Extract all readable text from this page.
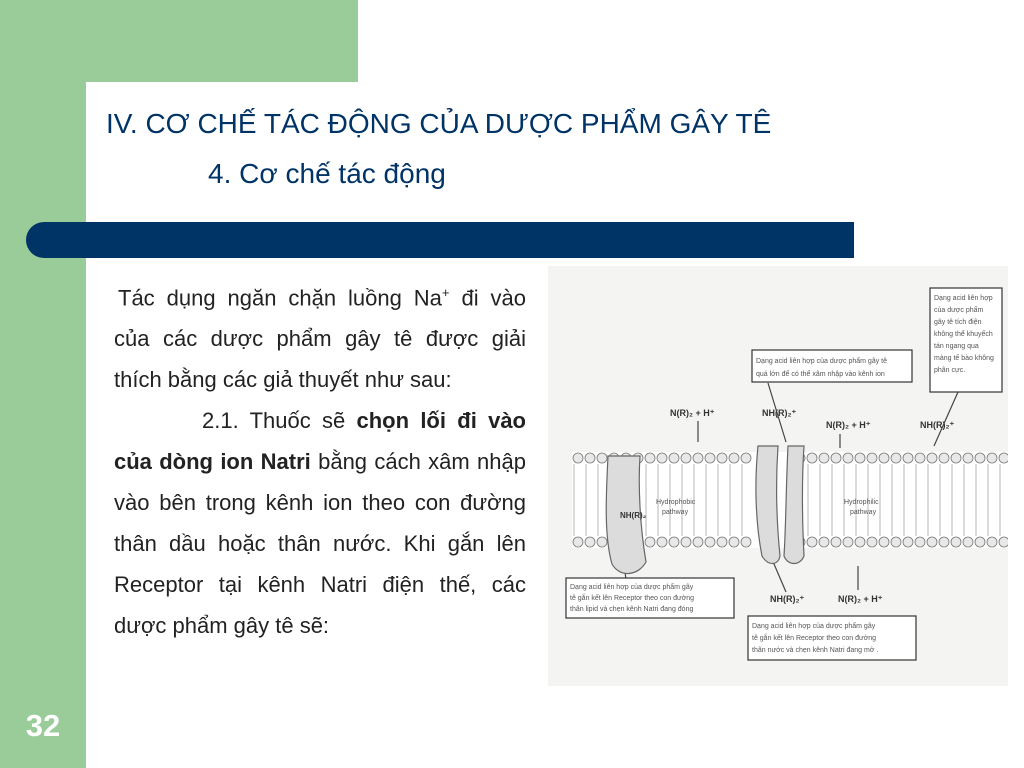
32
IV. CƠ CHẾ TÁC ĐỘNG CỦA DƯỢC PHẨM GÂY TÊ
4. Cơ chế tác động

Tác dụng ngăn chặn luồng Na+ đi vào của các dược phẩm gây tê được giải thích bằng các giả thuyết như sau:

2.1. Thuốc sẽ chọn lối đi vào của dòng ion Natri bằng cách xâm nhập vào bên trong kênh ion theo con đường thân dầu hoặc thân nước. Khi gắn lên Receptor tại kênh Natri điện thế, các dược phẩm gây tê sẽ:

Dạng acid liên hợp của dược phẩm gây tê tích điện không thể khuyếch tán ngang qua màng tế bào không phân cực.
Dạng acid liên hợp của dược phẩm gây tê quá lớn để có thể xâm nhập vào kênh ion
N(R)₂ + H⁺	NH(R)₂⁺
N(R)₂ + H⁺	NH(R)₂⁺
NH(R)₂
Hydrophobic pathway
Hydrophilic pathway
NH(R)₂⁺	N(R)₂ + H⁺
Dạng acid liên hợp của dược phẩm gây tê gắn kết lên Receptor theo con đường thân lipid và chẹn kênh Natri đang đóng
Dạng acid liên hợp của dược phẩm gây tê gắn kết lên Receptor theo con đường thân nước và chẹn kênh Natri đang mở .
